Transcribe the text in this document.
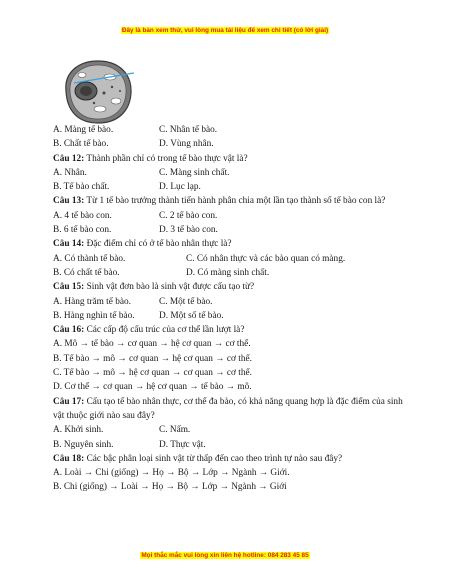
Đây là bản xem thử, vui lòng mua tài liệu để xem chi tiết (có lời giải)
A. Màng tế bào.	C. Nhân tế bào.
B. Chất tế bào.	D. Vùng nhân.
Câu 12: Thành phần chỉ có trong tế bào thực vật là?
A. Nhân.	C. Màng sinh chất.
B. Tế bào chất.	D. Lục lạp.
Câu 13: Từ 1 tế bào trưởng thành tiến hành phân chia một lần tạo thành số tế bào con là?
A. 4 tế bào con.	C. 2 tế bào con.
B. 6 tế bào con.	D. 3 tế bào con.
Câu 14: Đặc điểm chỉ có ở tế bào nhân thực là?
A. Có thành tế bào.	C. Có nhân thực và các bào quan có màng.
B. Có chất tế bào.	D. Có màng sinh chất.
Câu 15: Sinh vật đơn bào là sinh vật được cấu tạo từ?
A. Hàng trăm tế bào.	C. Một tế bào.
B. Hàng nghìn tế bào.	D. Một số tế bào.
Câu 16: Các cấp độ cấu trúc của cơ thể lần lượt là?
A. Mô → tế bào → cơ quan → hệ cơ quan → cơ thể.
B. Tế bào → mô → cơ quan → hệ cơ quan → cơ thể.
C. Tế bào → mô → hệ cơ quan → cơ quan → cơ thể.
D. Cơ thể → cơ quan → hệ cơ quan → tế bào → mô.
Câu 17: Cấu tạo tế bào nhân thực, cơ thể đa bào, có khả năng quang hợp là đặc điểm của sinh vật thuộc giới nào sau đây?
A. Khởi sinh.	C. Nấm.
B. Nguyên sinh.	D. Thực vật.
Câu 18: Các bậc phân loại sinh vật từ thấp đến cao theo trình tự nào sau đây?
A. Loài → Chi (giống) → Họ → Bộ → Lớp → Ngành → Giới.
B. Chi (giống) → Loài → Họ → Bộ → Lớp → Ngành → Giới
Mọi thắc mắc vui lòng xin liên hệ hotline: 084 283 45 85
